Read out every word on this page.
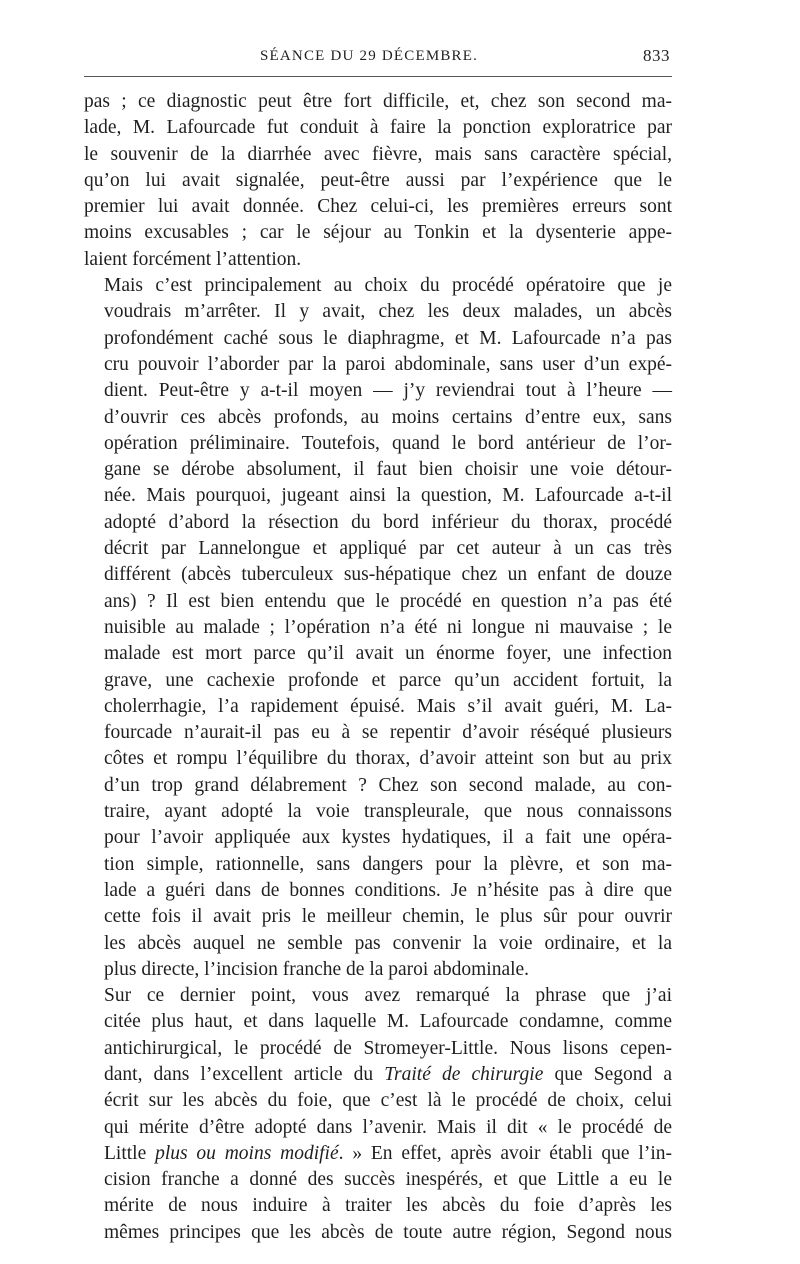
SÉANCE DU 29 DÉCEMBRE.	833

pas ; ce diagnostic peut être fort difficile, et, chez son second ma-
lade, M. Lafourcade fut conduit à faire la ponction exploratrice par
le souvenir de la diarrhée avec fièvre, mais sans caractère spécial,
qu’on lui avait signalée, peut-être aussi par l’expérience que le
premier lui avait donnée. Chez celui-ci, les premières erreurs sont
moins excusables ; car le séjour au Tonkin et la dysenterie appe-
laient forcément l’attention.

Mais c’est principalement au choix du procédé opératoire que je
voudrais m’arrêter. Il y avait, chez les deux malades, un abcès
profondément caché sous le diaphragme, et M. Lafourcade n’a pas
cru pouvoir l’aborder par la paroi abdominale, sans user d’un expé-
dient. Peut-être y a-t-il moyen — j’y reviendrai tout à l’heure —
d’ouvrir ces abcès profonds, au moins certains d’entre eux, sans
opération préliminaire. Toutefois, quand le bord antérieur de l’or-
gane se dérobe absolument, il faut bien choisir une voie détour-
née. Mais pourquoi, jugeant ainsi la question, M. Lafourcade a-t-il
adopté d’abord la résection du bord inférieur du thorax, procédé
décrit par Lannelongue et appliqué par cet auteur à un cas très
différent (abcès tuberculeux sus-hépatique chez un enfant de douze
ans) ? Il est bien entendu que le procédé en question n’a pas été
nuisible au malade ; l’opération n’a été ni longue ni mauvaise ; le
malade est mort parce qu’il avait un énorme foyer, une infection
grave, une cachexie profonde et parce qu’un accident fortuit, la
cholerrhagie, l’a rapidement épuisé. Mais s’il avait guéri, M. La-
fourcade n’aurait-il pas eu à se repentir d’avoir réséqué plusieurs
côtes et rompu l’équilibre du thorax, d’avoir atteint son but au prix
d’un trop grand délabrement ? Chez son second malade, au con-
traire, ayant adopté la voie transpleurale, que nous connaissons
pour l’avoir appliquée aux kystes hydatiques, il a fait une opéra-
tion simple, rationnelle, sans dangers pour la plèvre, et son ma-
lade a guéri dans de bonnes conditions. Je n’hésite pas à dire que
cette fois il avait pris le meilleur chemin, le plus sûr pour ouvrir
les abcès auquel ne semble pas convenir la voie ordinaire, et la
plus directe, l’incision franche de la paroi abdominale.

Sur ce dernier point, vous avez remarqué la phrase que j’ai
citée plus haut, et dans laquelle M. Lafourcade condamne, comme
antichirurgical, le procédé de Stromeyer-Little. Nous lisons cepen-
dant, dans l’excellent article du Traité de chirurgie que Segond a
écrit sur les abcès du foie, que c’est là le procédé de choix, celui
qui mérite d’être adopté dans l’avenir. Mais il dit « le procédé de
Little plus ou moins modifié. » En effet, après avoir établi que l’in-
cision franche a donné des succès inespérés, et que Little a eu le
mérite de nous induire à traiter les abcès du foie d’après les
mêmes principes que les abcès de toute autre région, Segond nous
